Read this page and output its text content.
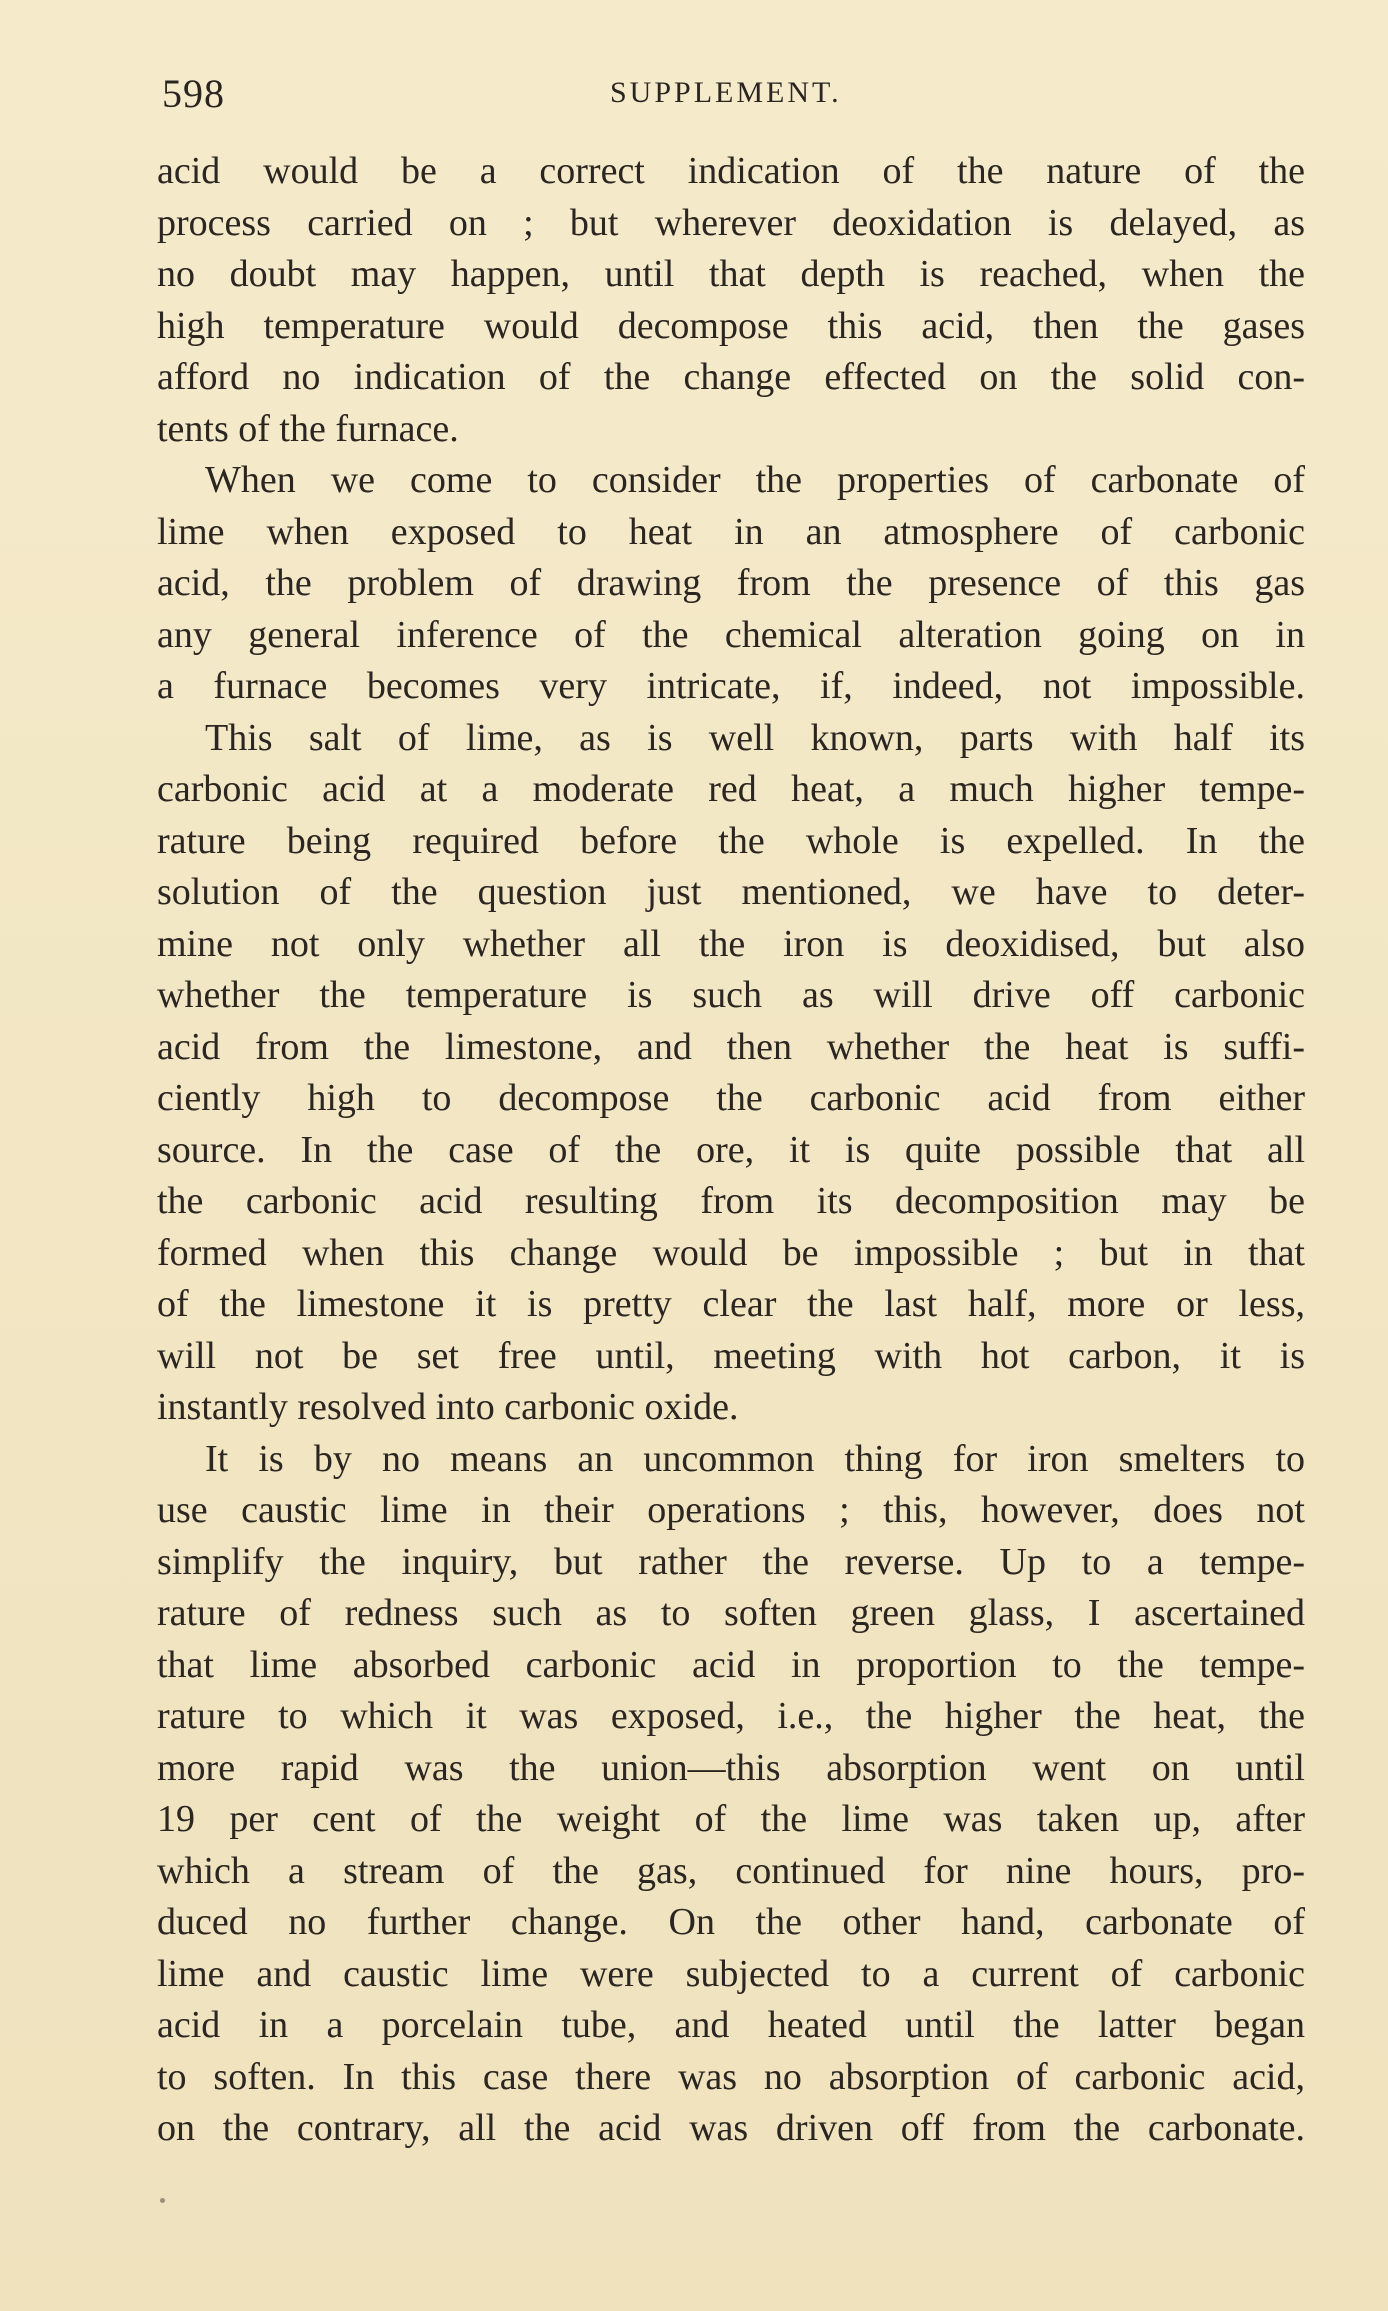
598	SUPPLEMENT.
acid would be a correct indication of the nature of the
process carried on ; but wherever deoxidation is delayed, as
no doubt may happen, until that depth is reached, when the
high temperature would decompose this acid, then the gases
afford no indication of the change effected on the solid con-
tents of the furnace.
When we come to consider the properties of carbonate of
lime when exposed to heat in an atmosphere of carbonic
acid, the problem of drawing from the presence of this gas
any general inference of the chemical alteration going on in
a furnace becomes very intricate, if, indeed, not impossible.
This salt of lime, as is well known, parts with half its
carbonic acid at a moderate red heat, a much higher tempe-
rature being required before the whole is expelled. In the
solution of the question just mentioned, we have to deter-
mine not only whether all the iron is deoxidised, but also
whether the temperature is such as will drive off carbonic
acid from the limestone, and then whether the heat is suffi-
ciently high to decompose the carbonic acid from either
source. In the case of the ore, it is quite possible that all
the carbonic acid resulting from its decomposition may be
formed when this change would be impossible ; but in that
of the limestone it is pretty clear the last half, more or less,
will not be set free until, meeting with hot carbon, it is
instantly resolved into carbonic oxide.
It is by no means an uncommon thing for iron smelters to
use caustic lime in their operations ; this, however, does not
simplify the inquiry, but rather the reverse. Up to a tempe-
rature of redness such as to soften green glass, I ascertained
that lime absorbed carbonic acid in proportion to the tempe-
rature to which it was exposed, i.e., the higher the heat, the
more rapid was the union—this absorption went on until
19 per cent of the weight of the lime was taken up, after
which a stream of the gas, continued for nine hours, pro-
duced no further change. On the other hand, carbonate of
lime and caustic lime were subjected to a current of carbonic
acid in a porcelain tube, and heated until the latter began
to soften. In this case there was no absorption of carbonic acid,
on the contrary, all the acid was driven off from the carbonate.
